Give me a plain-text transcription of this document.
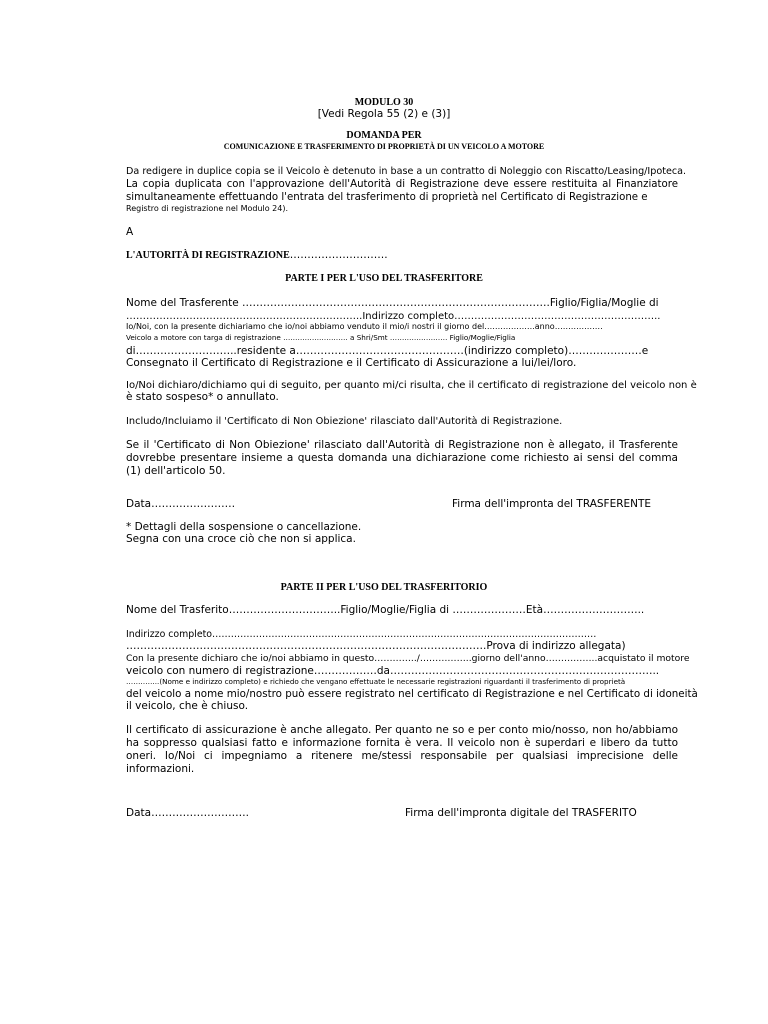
MODULO 30
[Vedi Regola 55 (2) e (3)]
DOMANDA PER
COMUNICAZIONE E TRASFERIMENTO DI PROPRIETÀ DI UN VEICOLO A MOTORE
Da redigere in duplice copia se il Veicolo è detenuto in base a un contratto di Noleggio con Riscatto/Leasing/Ipoteca.
La copia duplicata con l'approvazione dell'Autorità di Registrazione deve essere restituita al Finanziatore simultaneamente effettuando l'entrata del trasferimento di proprietà nel Certificato di Registrazione e
Registro di registrazione nel Modulo 24).
A
L'AUTORITÀ DI REGISTRAZIONE……………………….
PARTE I PER L'USO DEL TRASFERITORE
Nome del Trasferente …………………………………………………………………………….Figlio/Figlia/Moglie di
……………………………………………………………..Indirizzo completo……………………………………………………..
Io/Noi, con la presente dichiariamo che io/noi abbiamo venduto il mio/i nostri il giorno del……………….anno………………
Veicolo a motore con targa di registrazione ……………………… a Shri/Smt …………………… Figlio/Moglie/Figlia
di………………………..residente a…………………………………………(indirizzo completo)…………………e
Consegnato il Certificato di Registrazione e il Certificato di Assicurazione a lui/lei/loro.
Io/Noi dichiaro/dichiamo qui di seguito, per quanto mi/ci risulta, che il certificato di registrazione del veicolo non è
è stato sospeso* o annullato.
Includo/Incluiamo il 'Certificato di Non Obiezione' rilasciato dall'Autorità di Registrazione.
Se il 'Certificato di Non Obiezione' rilasciato dall'Autorità di Registrazione non è allegato, il Trasferente dovrebbe presentare insieme a questa domanda una dichiarazione come richiesto ai sensi del comma (1) dell'articolo 50.
Data……………………	Firma dell'impronta del TRASFERENTE
* Dettagli della sospensione o cancellazione.
Segna con una croce ciò che non si applica.
PARTE II PER L'USO DEL TRASFERITORIO
Nome del Trasferito…………………………..Figlio/Moglie/Figlia di …………………Età………………………..
Indirizzo completo……………………………………………………………………………………………………………
………………………………………………………………………………………….Prova di indirizzo allegata)
Con la presente dichiaro che io/noi abbiamo in questo…………../……………..giorno dell'anno……………..acquistato il motore
veicolo con numero di registrazione………………da…………………………………………………………………..
…………..(Nome e indirizzo completo) e richiedo che vengano effettuate le necessarie registrazioni riguardanti il trasferimento di proprietà
del veicolo a nome mio/nostro può essere registrato nel certificato di Registrazione e nel Certificato di idoneità
il veicolo, che è chiuso.
Il certificato di assicurazione è anche allegato. Per quanto ne so e per conto mio/nosso, non ho/abbiamo ha soppresso qualsiasi fatto e informazione fornita è vera. Il veicolo non è superdari e libero da tutto oneri. Io/Noi ci impegniamo a ritenere me/stessi responsabile per qualsiasi imprecisione delle informazioni.
Data……………………….	Firma dell'impronta digitale del TRASFERITO
